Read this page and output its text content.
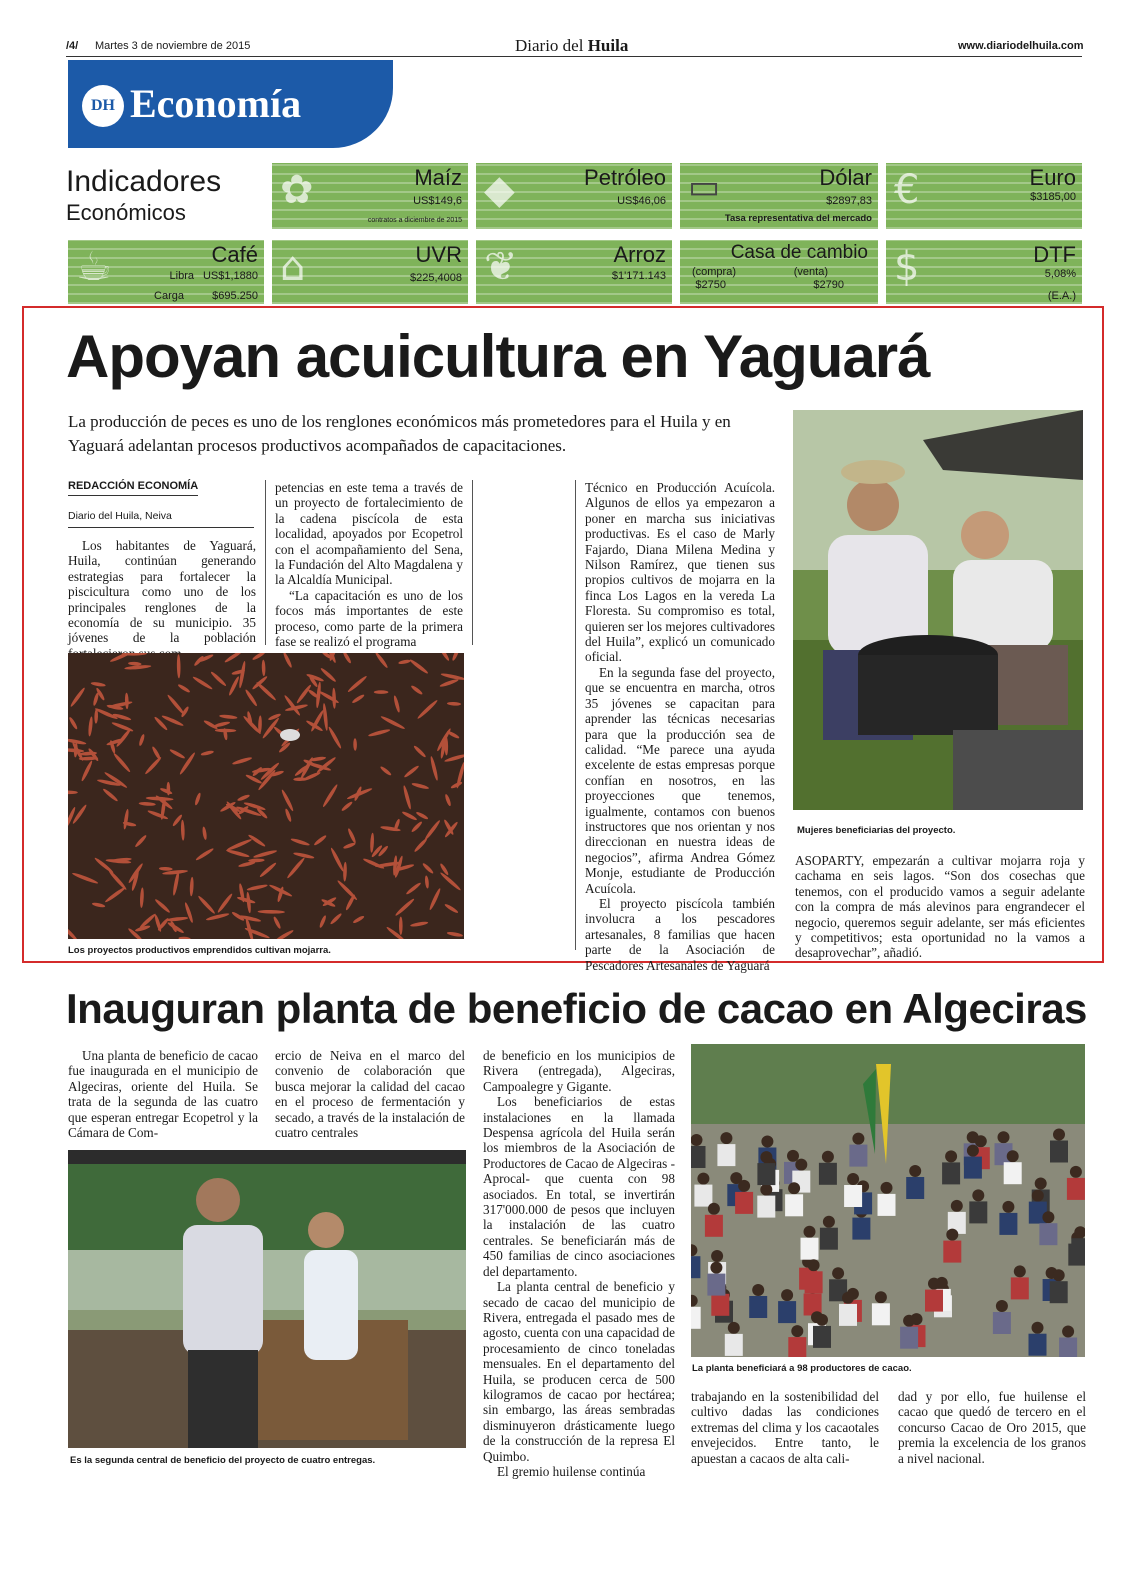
/4/ Martes 3 de noviembre de 2015	Diario del Huila	www.diariodelhuila.com
DH Economía
Indicadores
Económicos ✿	Maíz
US$149,6
contratos a diciembre de 2015
◆	Petróleo
US$46,06 ▭	Dólar
$2897,83
Tasa representativa del mercado
€	Euro
$3185,00
☕	Café
Libra US$1,1880
Carga	$695.250
⌂	UVR
$225,4008 ❦	Arroz
$1'171.143
Casa de cambio
(compra)
$2750
(venta)
$2790 $	DTF
5,08%
(E.A.)
Apoyan acuicultura en Yaguará
La producción de peces es uno de los renglones económicos más prometedores para el Huila y en Yaguará adelantan procesos productivos acompañados de capacitaciones.
REDACCIÓN ECONOMÍA
Diario del Huila, Neiva

Los habitantes de Yaguará, Huila, continúan generando estrategias para fortalecer la piscicultura como uno de los principales renglones de la economía de su municipio. 35 jóvenes de la población

petencias en este tema a través de un proyecto de fortalecimiento de la cadena piscícola de esta localidad, apoyados por Ecopetrol con el acompañamiento del Sena, la Fundación del Alto Magdalena y la Alcaldía Municipal.

“La capacitación es uno de los focos más importantes de este proceso, como parte de la primera fase se realizó el programa

Los proyectos productivos emprendidos cultivan mojarra.

Técnico en Producción Acuícola. Algunos de ellos ya empezaron a poner en marcha sus iniciativas productivas. Es el caso de Marly Fajardo, Diana Milena Medina y Nilson Ramírez, que tienen sus propios cultivos de mojarra en la finca Los Lagos en la vereda La Floresta. Su compromiso es total, quieren ser los mejores cultivadores del Huila”, explicó un comunicado oficial.

En la segunda fase del proyecto, que se encuentra en marcha, otros 35 jóvenes se capacitan para aprender las técnicas necesarias para que la producción sea de calidad. “Me parece una ayuda excelente de estas empresas porque confían en nosotros, en las proyecciones que tenemos, igualmente, contamos con buenos instructores que nos orientan y nos direccionan en nuestra ideas de negocios”, afirma Andrea Gómez Monje, estudiante de Producción Acuícola.

El proyecto piscícola también involucra a los pescadores artesanales, 8 familias que hacen parte de la Asociación de Pescadores Artesanales de Yaguará

Mujeres beneficiarias del proyecto.

ASOPARTY, empezarán a cultivar mojarra roja y cachama en seis lagos. “Son dos cosechas que tenemos, con el producido vamos a seguir adelante con la compra de más alevinos para engrandecer el negocio, queremos seguir adelante, ser más eficientes y competitivos; esta oportunidad no la vamos a desaprovechar”, añadió.

Inauguran planta de beneficio de cacao en Algeciras

Una planta de beneficio de cacao fue inaugurada en el municipio de Algeciras, oriente del Huila. Se trata de la segunda de las cuatro que esperan entregar Ecopetrol y la Cámara de Com-

ercio de Neiva en el marco del convenio de colaboración que busca mejorar la calidad del cacao en el proceso de fermentación y secado, a través de la instalación de cuatro centrales

Es la segunda central de beneficio del proyecto de cuatro entregas.

de beneficio en los municipios de Rivera (entregada), Algeciras, Campoalegre y Gigante.

Los beneficiarios de estas instalaciones en la llamada Despensa agrícola del Huila serán los miembros de la Asociación de Productores de Cacao de Algeciras -Aprocal- que cuenta con 98 asociados. En total, se invertirán 317'000.000 de pesos que incluyen la instalación de las cuatro centrales. Se beneficiarán más de 450 familias de cinco asociaciones del departamento.

La planta central de beneficio y secado de cacao del municipio de Rivera, entregada el pasado mes de agosto, cuenta con una capacidad de procesamiento de cinco toneladas mensuales. En el departamento del Huila, se producen cerca de 500 kilogramos de cacao por hectárea; sin embargo, las áreas sembradas disminuyeron drásticamente luego de la construcción de la represa El Quimbo.

El gremio huilense continúa

La planta beneficiará a 98 productores de cacao.

trabajando en la sostenibilidad del cultivo dadas las condiciones extremas del clima y los cacaotales envejecidos. Entre tanto, le apuestan a cacaos de alta cali-

dad y por ello, fue huilense el cacao que quedó de tercero en el concurso Cacao de Oro 2015, que premia la excelencia de los granos a nivel nacional.
